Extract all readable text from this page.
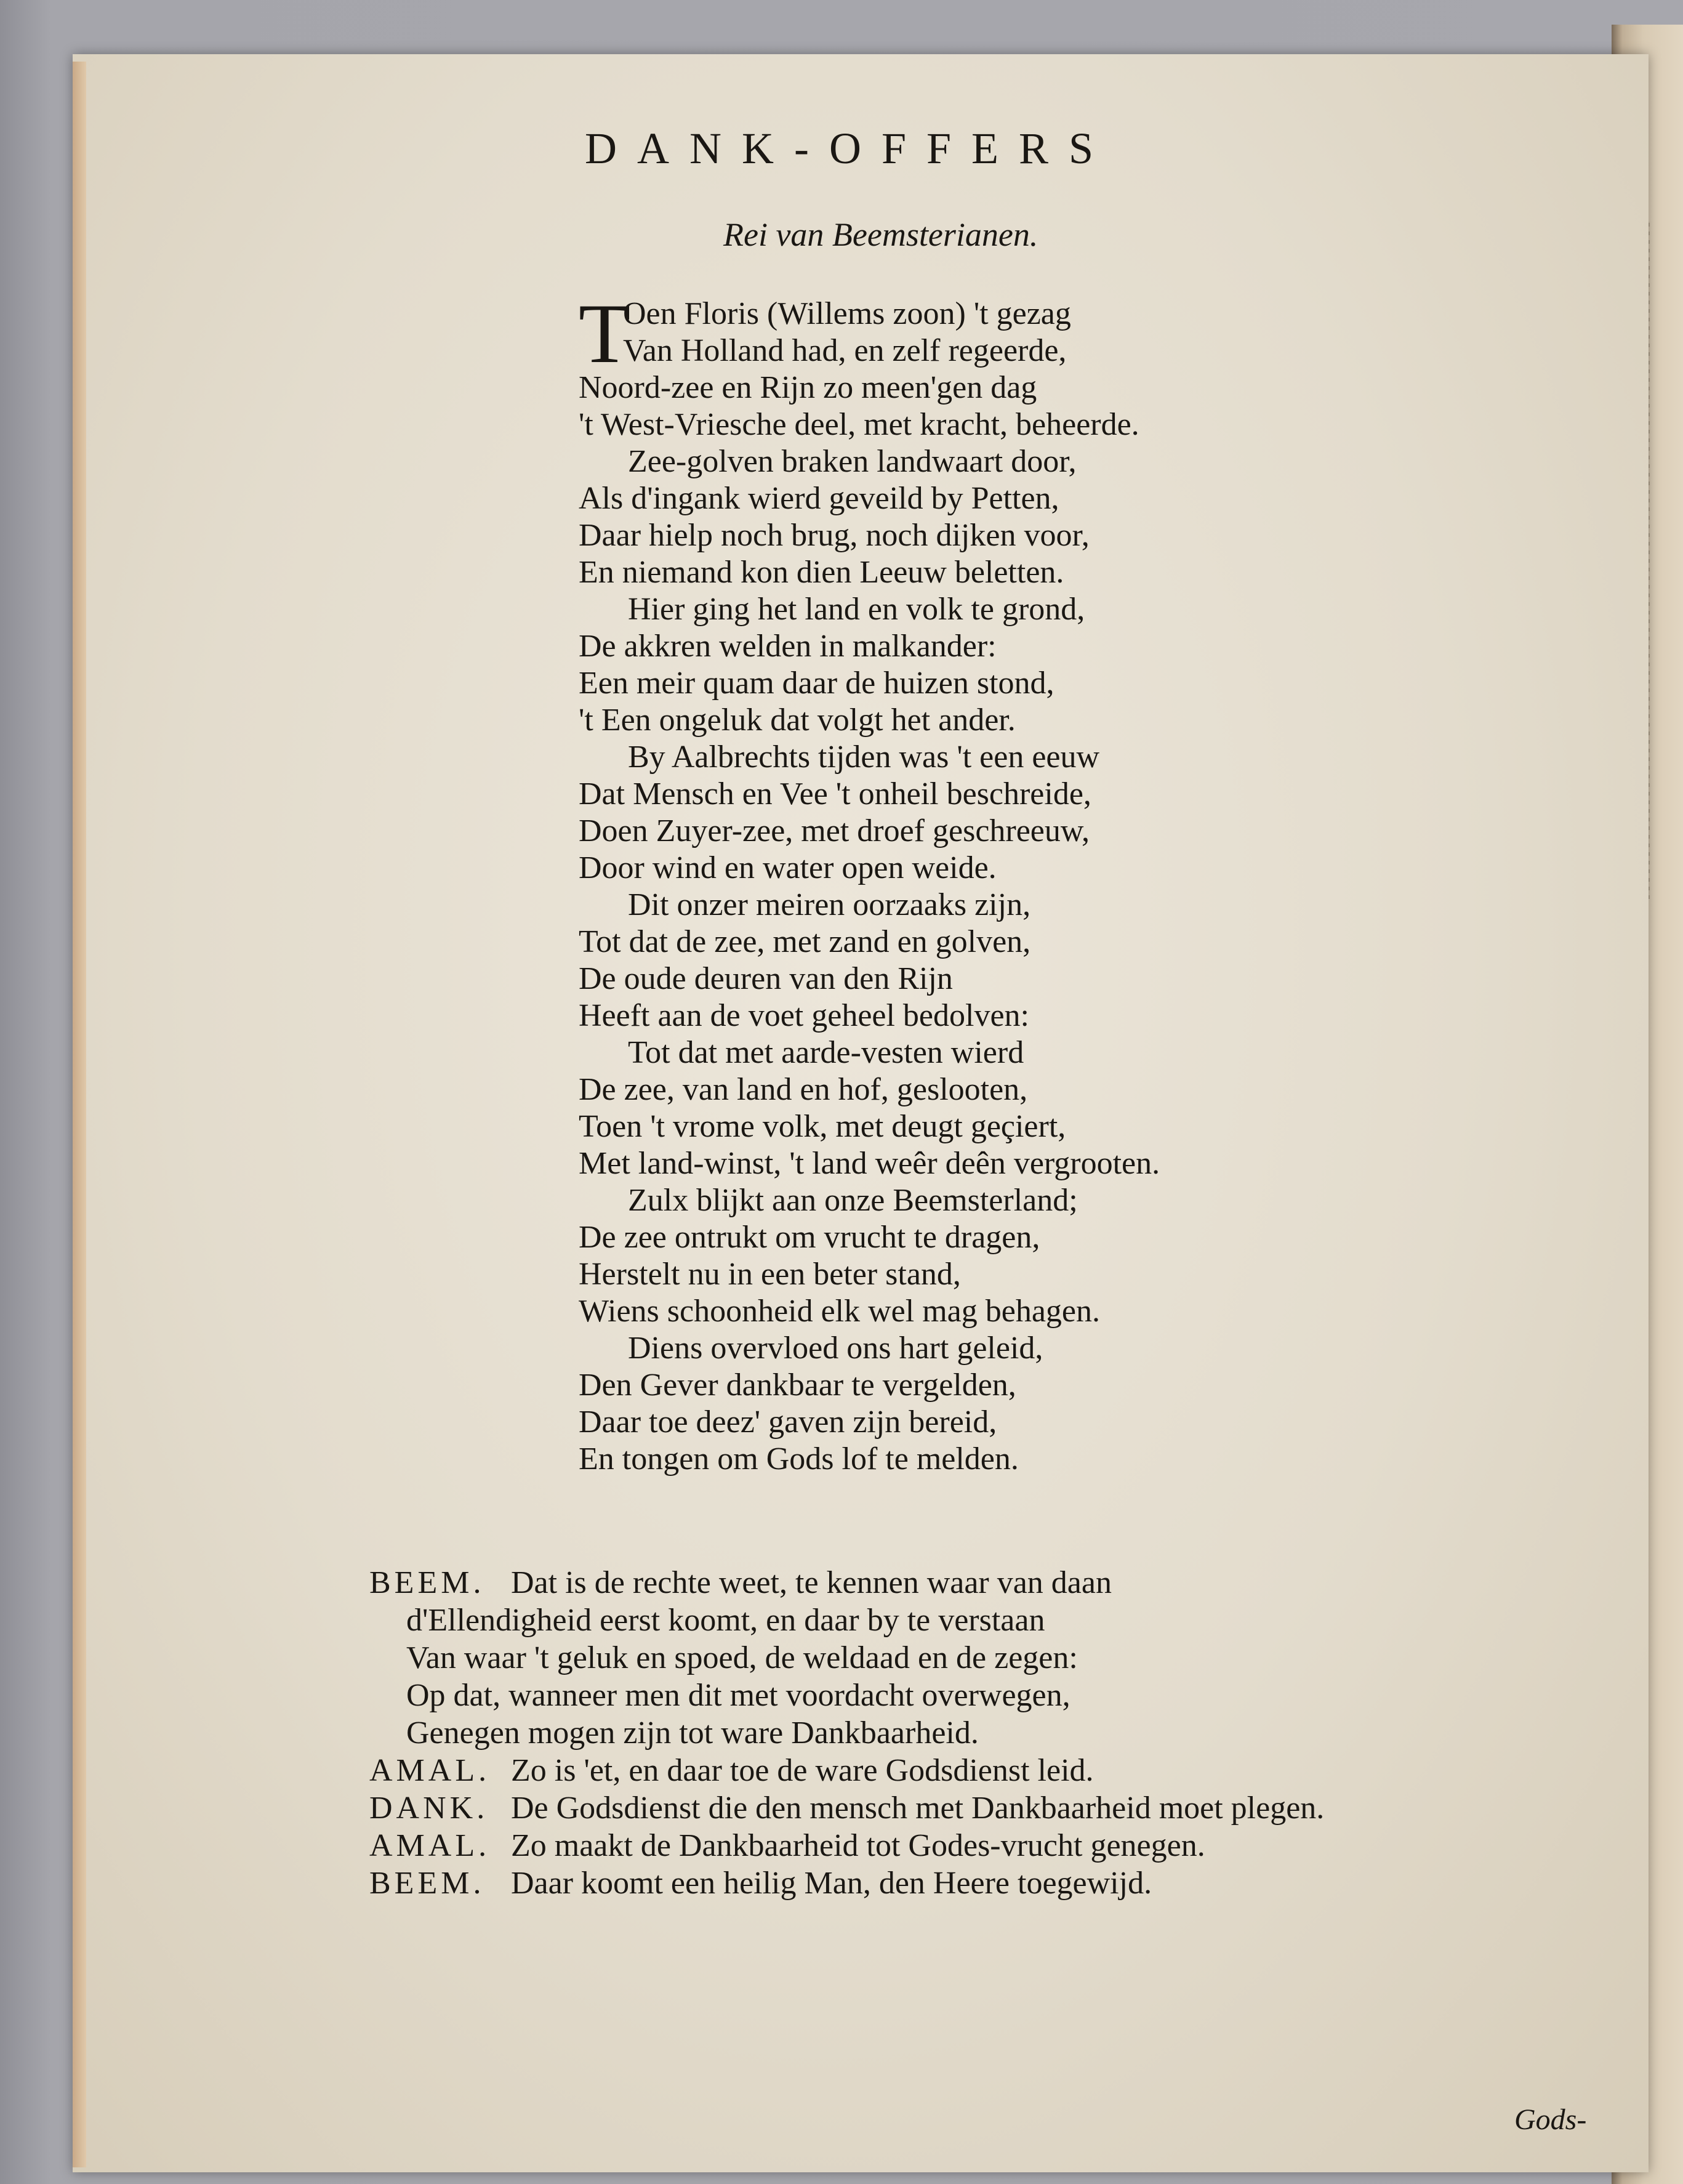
DANK-OFFERS
Rei van Beemsterianen.
T
Oen Floris (Willems zoon) 't gezag
Van Holland had, en zelf regeerde,
Noord-zee en Rijn zo meen'gen dag
't West-Vriesche deel, met kracht, beheerde.
Zee-golven braken landwaart door,
Als d'ingank wierd geveild by Petten,
Daar hielp noch brug, noch dijken voor,
En niemand kon dien Leeuw beletten.
Hier ging het land en volk te grond,
De akkren welden in malkander:
Een meir quam daar de huizen stond,
't Een ongeluk dat volgt het ander.
By Aalbrechts tijden was 't een eeuw
Dat Mensch en Vee 't onheil beschreide,
Doen Zuyer-zee, met droef geschreeuw,
Door wind en water open weide.
Dit onzer meiren oorzaaks zijn,
Tot dat de zee, met zand en golven,
De oude deuren van den Rijn
Heeft aan de voet geheel bedolven:
Tot dat met aarde-vesten wierd
De zee, van land en hof, geslooten,
Toen 't vrome volk, met deugt geçiert,
Met land-winst, 't land weêr deên vergrooten.
Zulx blijkt aan onze Beemsterland;
De zee ontrukt om vrucht te dragen,
Herstelt nu in een beter stand,
Wiens schoonheid elk wel mag behagen.
Diens overvloed ons hart geleid,
Den Gever dankbaar te vergelden,
Daar toe deez' gaven zijn bereid,
En tongen om Gods lof te melden.
BEEM. Dat is de rechte weet, te kennen waar van daan
d'Ellendigheid eerst koomt, en daar by te verstaan
Van waar 't geluk en spoed, de weldaad en de zegen:
Op dat, wanneer men dit met voordacht overwegen,
Genegen mogen zijn tot ware Dankbaarheid.
AMAL. Zo is 'et, en daar toe de ware Godsdienst leid.
DANK. De Godsdienst die den mensch met Dankbaarheid moet plegen.
AMAL. Zo maakt de Dankbaarheid tot Godes-vrucht genegen.
BEEM. Daar koomt een heilig Man, den Heere toegewijd.
Gods-
